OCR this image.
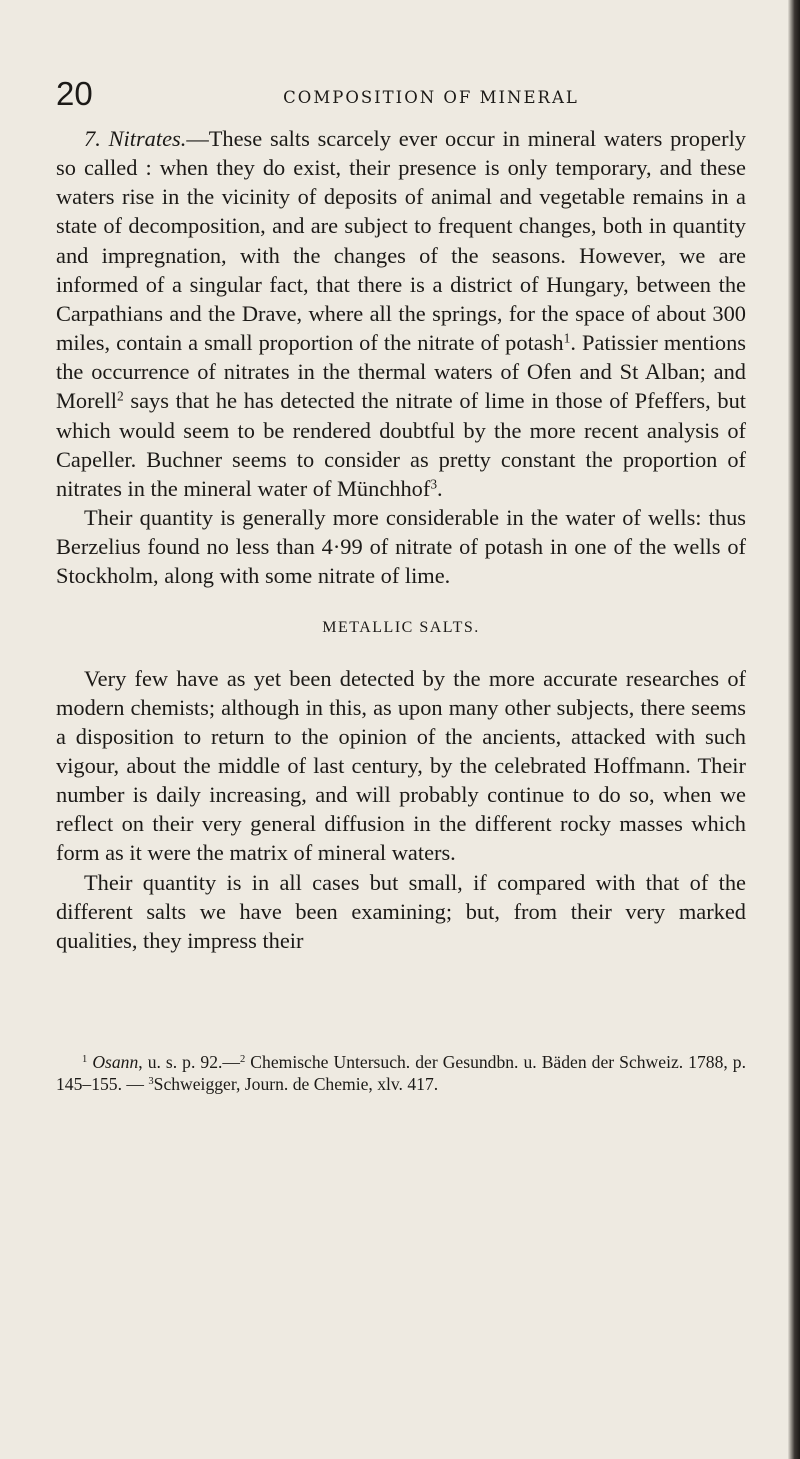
20	COMPOSITION OF MINERAL

7. Nitrates.—These salts scarcely ever occur in mineral waters properly so called : when they do exist, their presence is only temporary, and these waters rise in the vicinity of deposits of animal and vegetable remains in a state of decomposition, and are subject to frequent changes, both in quantity and impregnation, with the changes of the seasons. However, we are informed of a singular fact, that there is a district of Hungary, between the Carpathians and the Drave, where all the springs, for the space of about 300 miles, contain a small proportion of the nitrate of potash$^1$. Patissier mentions the occurrence of nitrates in the thermal waters of Ofen and St Alban; and Morell$^2$ says that he has detected the nitrate of lime in those of Pfeffers, but which would seem to be rendered doubtful by the more recent analysis of Capeller. Buchner seems to consider as pretty constant the proportion of nitrates in the mineral water of Münchhof$^3$.

Their quantity is generally more considerable in the water of wells: thus Berzelius found no less than 4·99 of nitrate of potash in one of the wells of Stockholm, along with some nitrate of lime.

METALLIC SALTS.

Very few have as yet been detected by the more accurate researches of modern chemists; although in this, as upon many other subjects, there seems a disposition to return to the opinion of the ancients, attacked with such vigour, about the middle of last century, by the celebrated Hoffmann. Their number is daily increasing, and will probably continue to do so, when we reflect on their very general diffusion in the different rocky masses which form as it were the matrix of mineral waters.

Their quantity is in all cases but small, if compared with that of the different salts we have been examining; but, from their very marked qualities, they impress their

$^1$ Osann, u. s. p. 92.—$^2$ Chemische Untersuch. der Gesundbn. u. Bäden der Schweiz. 1788, p. 145–155. — $^3$Schweigger, Journ. de Chemie, xlv. 417.
